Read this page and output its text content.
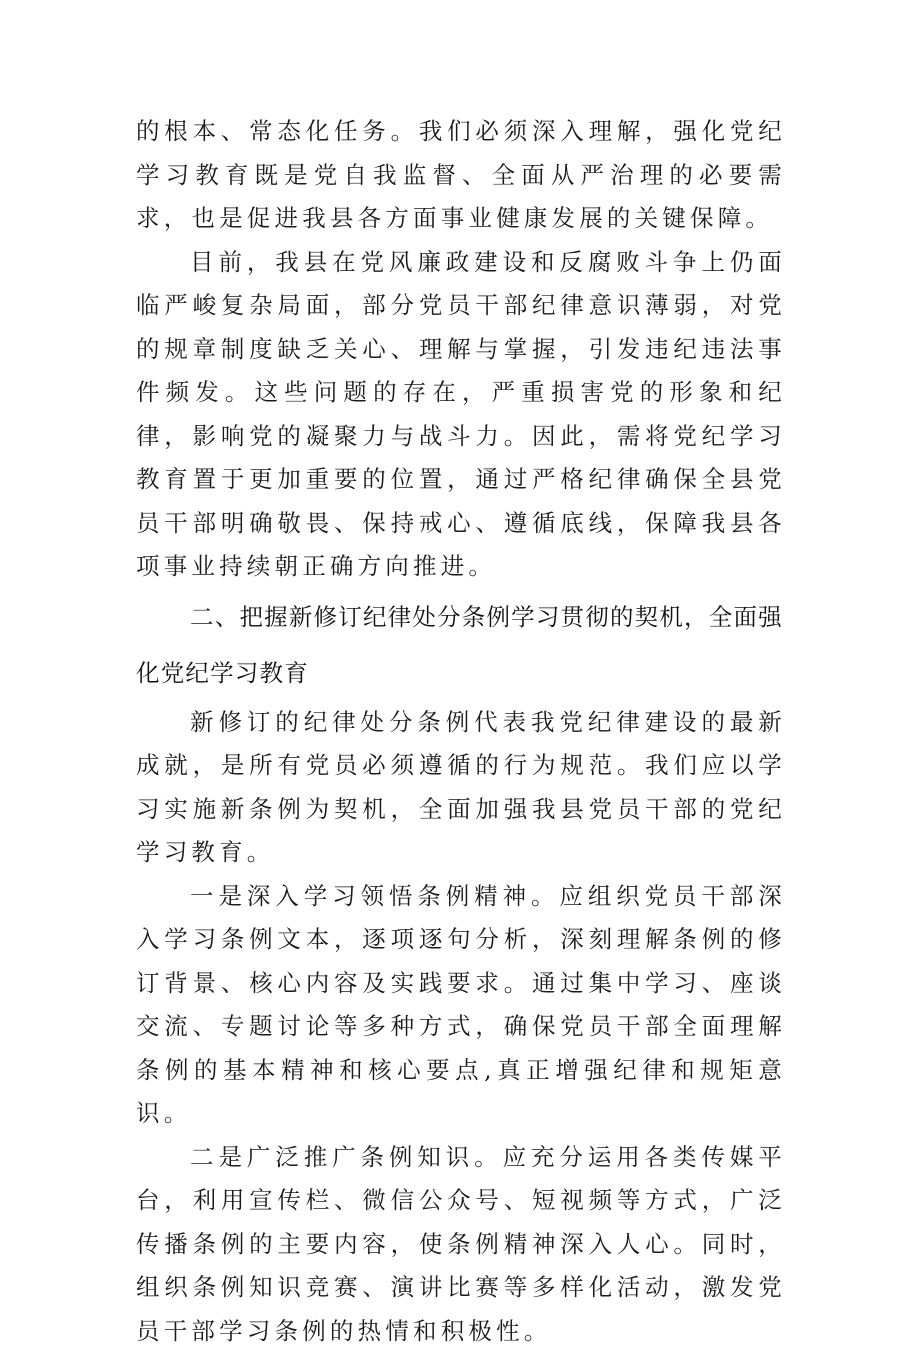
的根本、常态化任务。我们必须深入理解，强化党纪学习教育既是党自我监督、全面从严治理的必要需求，也是促进我县各方面事业健康发展的关键保障。

目前，我县在党风廉政建设和反腐败斗争上仍面临严峻复杂局面，部分党员干部纪律意识薄弱，对党的规章制度缺乏关心、理解与掌握，引发违纪违法事件频发。这些问题的存在，严重损害党的形象和纪律，影响党的凝聚力与战斗力。因此，需将党纪学习教育置于更加重要的位置，通过严格纪律确保全县党员干部明确敬畏、保持戒心、遵循底线，保障我县各项事业持续朝正确方向推进。

二、把握新修订纪律处分条例学习贯彻的契机，全面强化党纪学习教育

新修订的纪律处分条例代表我党纪律建设的最新成就，是所有党员必须遵循的行为规范。我们应以学习实施新条例为契机，全面加强我县党员干部的党纪学习教育。

一是深入学习领悟条例精神。应组织党员干部深入学习条例文本，逐项逐句分析，深刻理解条例的修订背景、核心内容及实践要求。通过集中学习、座谈交流、专题讨论等多种方式，确保党员干部全面理解条例的基本精神和核心要点,真正增强纪律和规矩意识。

二是广泛推广条例知识。应充分运用各类传媒平台，利用宣传栏、微信公众号、短视频等方式，广泛传播条例的主要内容，使条例精神深入人心。同时，组织条例知识竞赛、演讲比赛等多样化活动，激发党员干部学习条例的热情和积极性。
